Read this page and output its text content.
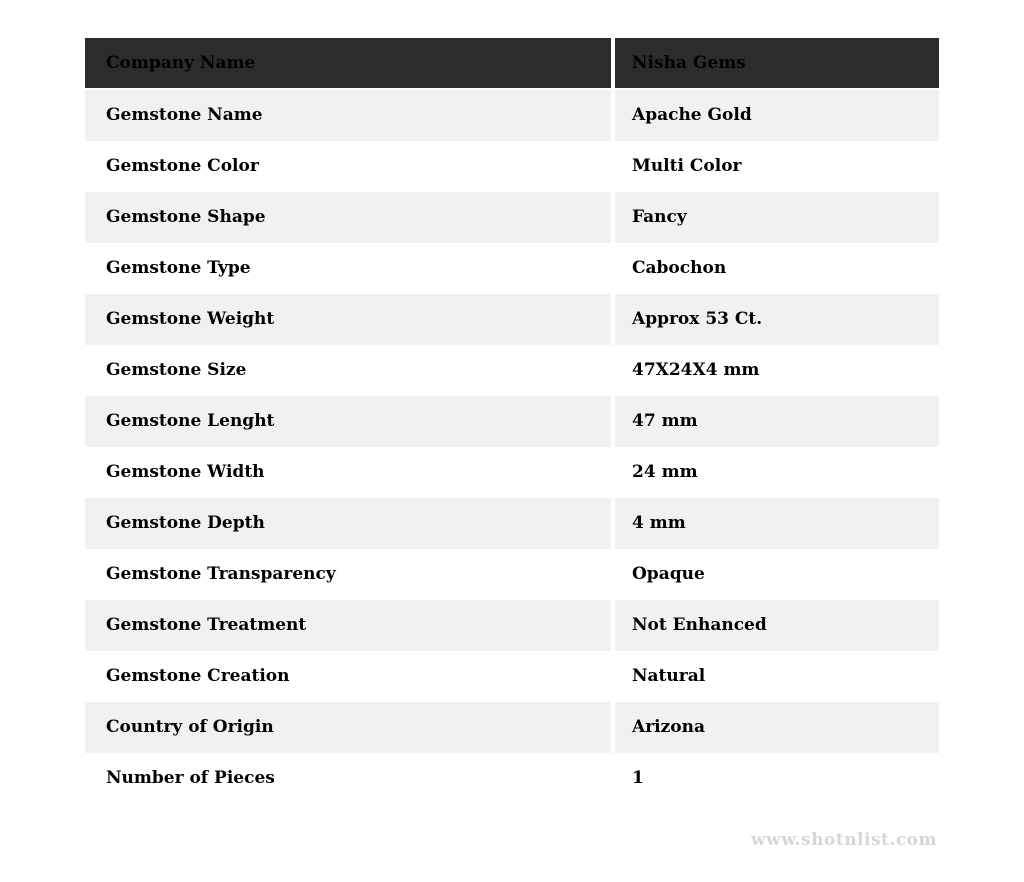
Company Name	Nisha Gems
Gemstone Name	Apache Gold
Gemstone Color	Multi Color
Gemstone Shape	Fancy
Gemstone Type	Cabochon
Gemstone Weight	Approx 53 Ct.
Gemstone Size	47X24X4 mm
Gemstone Lenght	47 mm
Gemstone Width	24 mm
Gemstone Depth	4 mm
Gemstone Transparency	Opaque
Gemstone Treatment	Not Enhanced
Gemstone Creation	Natural
Country of Origin	Arizona
Number of Pieces	1
www.shotnlist.com
